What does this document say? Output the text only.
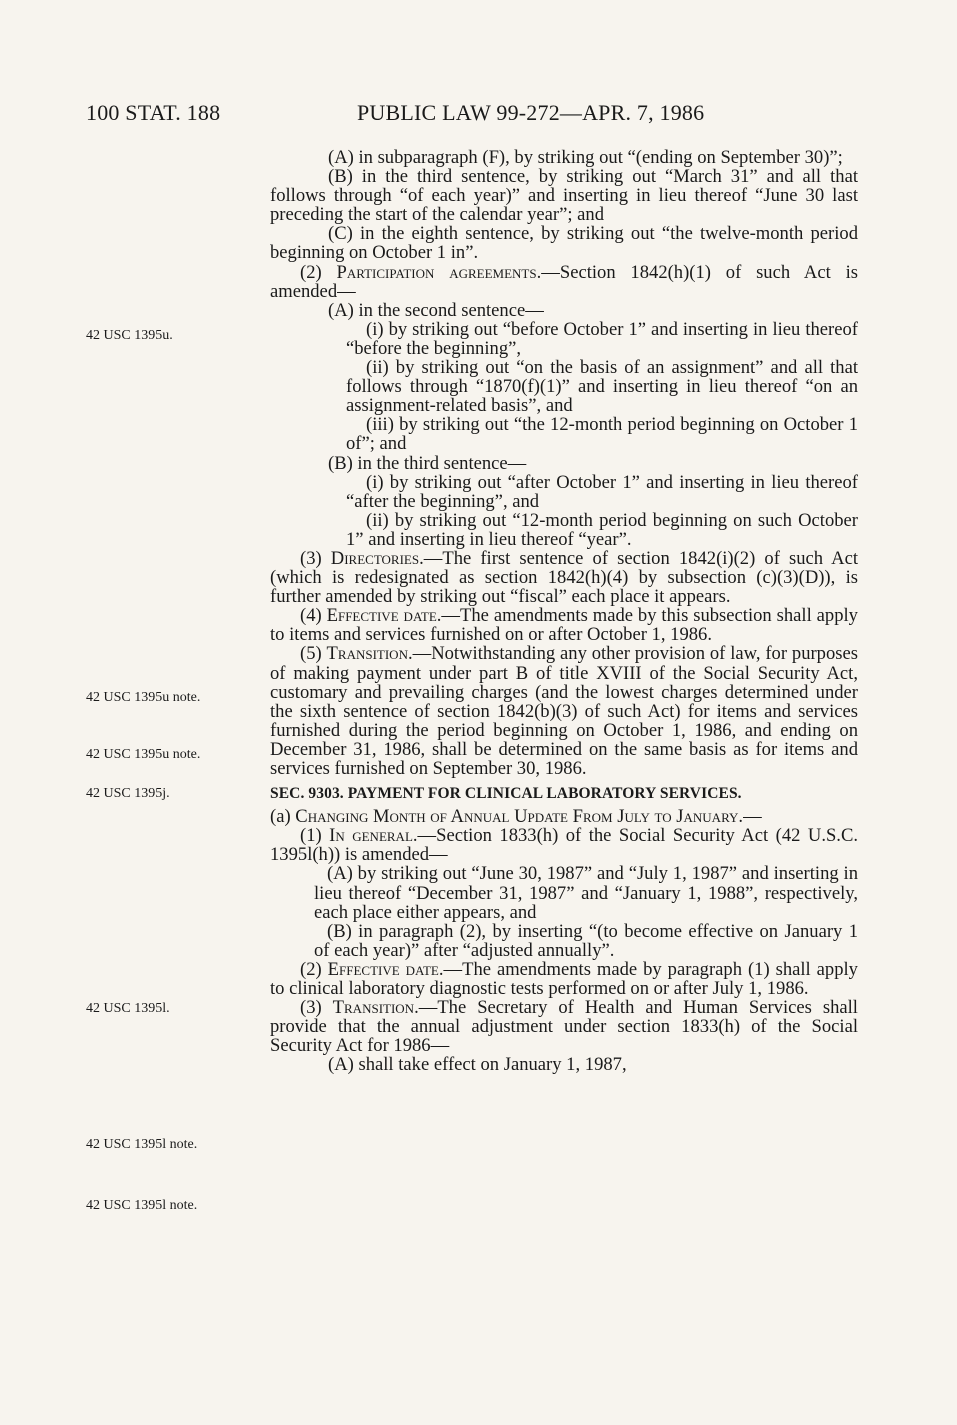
100 STAT. 188	PUBLIC LAW 99-272—APR. 7, 1986
42 USC 1395u.
42 USC 1395u note.
42 USC 1395u note.
42 USC 1395j.
42 USC 1395l.
42 USC 1395l note.
42 USC 1395l note.

(A) in subparagraph (F), by striking out “(ending on September 30)”;

(B) in the third sentence, by striking out “March 31” and all that follows through “of each year)” and inserting in lieu thereof “June 30 last preceding the start of the calendar year”; and

(C) in the eighth sentence, by striking out “the twelve-month period beginning on October 1 in”.

(2) Participation agreements.—Section 1842(h)(1) of such Act is amended—

(A) in the second sentence—

(i) by striking out “before October 1” and inserting in lieu thereof “before the beginning”,

(ii) by striking out “on the basis of an assignment” and all that follows through “1870(f)(1)” and inserting in lieu thereof “on an assignment-related basis”, and

(iii) by striking out “the 12-month period beginning on October 1 of”; and

(B) in the third sentence—

(i) by striking out “after October 1” and inserting in lieu thereof “after the beginning”, and

(ii) by striking out “12-month period beginning on such October 1” and inserting in lieu thereof “year”.

(3) Directories.—The first sentence of section 1842(i)(2) of such Act (which is redesignated as section 1842(h)(4) by subsection (c)(3)(D)), is further amended by striking out “fiscal” each place it appears.

(4) Effective date.—The amendments made by this subsection shall apply to items and services furnished on or after October 1, 1986.

(5) Transition.—Notwithstanding any other provision of law, for purposes of making payment under part B of title XVIII of the Social Security Act, customary and prevailing charges (and the lowest charges determined under the sixth sentence of section 1842(b)(3) of such Act) for items and services furnished during the period beginning on October 1, 1986, and ending on December 31, 1986, shall be determined on the same basis as for items and services furnished on September 30, 1986.

SEC. 9303. PAYMENT FOR CLINICAL LABORATORY SERVICES.

(a) Changing Month of Annual Update From July to January.—

(1) In general.—Section 1833(h) of the Social Security Act (42 U.S.C. 1395l(h)) is amended—

(A) by striking out “June 30, 1987” and “July 1, 1987” and inserting in lieu thereof “December 31, 1987” and “January 1, 1988”, respectively, each place either appears, and

(B) in paragraph (2), by inserting “(to become effective on January 1 of each year)” after “adjusted annually”.

(2) Effective date.—The amendments made by paragraph (1) shall apply to clinical laboratory diagnostic tests performed on or after July 1, 1986.

(3) Transition.—The Secretary of Health and Human Services shall provide that the annual adjustment under section 1833(h) of the Social Security Act for 1986—

(A) shall take effect on January 1, 1987,
